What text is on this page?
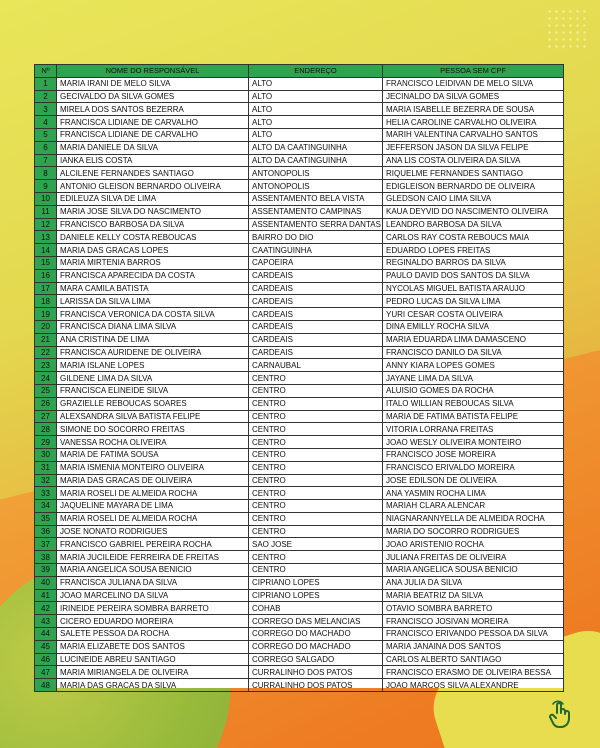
Nº	NOME DO RESPONSÁVEL	ENDEREÇO	PESSOA SEM CPF
1	MARIA IRANI DE MELO SILVA	ALTO	FRANCISCO LEIDIVAN DE MELO SILVA
2	GECIVALDO DA SILVA GOMES	ALTO	JECINALDO DA SILVA GOMES
3	MIRELA DOS SANTOS BEZERRA	ALTO	MARIA ISABELLE BEZERRA DE SOUSA
4	FRANCISCA LIDIANE DE CARVALHO	ALTO	HELIA CAROLINE CARVALHO OLIVEIRA
5	FRANCISCA LIDIANE DE CARVALHO	ALTO	MARIH VALENTINA CARVALHO SANTOS
6	MARIA DANIELE DA SILVA	ALTO DA CAATINGUINHA	JEFFERSON JASON DA SILVA FELIPE
7	IANKA ELIS COSTA	ALTO DA CAATINGUINHA	ANA LIS COSTA OLIVEIRA DA SILVA
8	ALCILENE FERNANDES SANTIAGO	ANTONOPOLIS	RIQUELME FERNANDES SANTIAGO
9	ANTONIO GLEISON BERNARDO OLIVEIRA	ANTONOPOLIS	EDIGLEISON BERNARDO DE OLIVEIRA
10	EDILEUZA SILVA DE LIMA	ASSENTAMENTO BELA VISTA	GLEDSON CAIO LIMA SILVA
11	MARIA JOSE SILVA DO NASCIMENTO	ASSENTAMENTO CAMPINAS	KAUA DEYVID DO NASCIMENTO OLIVEIRA
12	FRANCISCO BARBOSA DA SILVA	ASSENTAMENTO SERRA DANTAS	LEANDRO BARBOSA DA SILVA
13	DANIELE KELLY COSTA REBOUCAS	BAIRRO DO DIO	CARLOS RAY COSTA REBOUCS MAIA
14	MARIA DAS GRACAS LOPES	CAATINGUINHA	EDUARDO LOPES FREITAS
15	MARIA MIRTENIA BARROS	CAPOEIRA	REGINALDO BARROS DA SILVA
16	FRANCISCA APARECIDA DA COSTA	CARDEAIS	PAULO DAVID DOS SANTOS DA SILVA
17	MARA CAMILA BATISTA	CARDEAIS	NYCOLAS MIGUEL BATISTA ARAUJO
18	LARISSA DA SILVA LIMA	CARDEAIS	PEDRO LUCAS DA SILVA LIMA
19	FRANCISCA VERONICA DA COSTA SILVA	CARDEAIS	YURI CESAR COSTA OLIVEIRA
20	FRANCISCA DIANA LIMA SILVA	CARDEAIS	DINA EMILLY ROCHA SILVA
21	ANA CRISTINA DE LIMA	CARDEAIS	MARIA EDUARDA LIMA DAMASCENO
22	FRANCISCA AURIDENE DE OLIVEIRA	CARDEAIS	FRANCISCO DANILO DA SILVA
23	MARIA ISLANE LOPES	CARNAUBAL	ANNY KIARA LOPES GOMES
24	GILDENE LIMA DA SILVA	CENTRO	JAYANE LIMA DA SILVA
25	FRANCISCA ELINEIDE SILVA	CENTRO	ALUISIO GOMES DA ROCHA
26	GRAZIELLE REBOUCAS SOARES	CENTRO	ITALO WILLIAN REBOUCAS SILVA
27	ALEXSANDRA SILVA BATISTA FELIPE	CENTRO	MARIA DE FATIMA BATISTA FELIPE
28	SIMONE DO SOCORRO FREITAS	CENTRO	VITORIA LORRANA FREITAS
29	VANESSA ROCHA OLIVEIRA	CENTRO	JOAO WESLY OLIVEIRA MONTEIRO
30	MARIA DE FATIMA SOUSA	CENTRO	FRANCISCO JOSE MOREIRA
31	MARIA ISMENIA MONTEIRO OLIVEIRA	CENTRO	FRANCISCO ERIVALDO MOREIRA
32	MARIA DAS GRACAS DE OLIVEIRA	CENTRO	JOSE EDILSON DE OLIVEIRA
33	MARIA ROSELI DE ALMEIDA ROCHA	CENTRO	ANA YASMIN ROCHA LIMA
34	JAQUELINE MAYARA DE LIMA	CENTRO	MARIAH CLARA ALENCAR
35	MARIA ROSELI DE ALMEIDA ROCHA	CENTRO	NIAGNARANNYELLA DE ALMEIDA ROCHA
36	JOSE NONATO RODRIGUES	CENTRO	MARIA DO SOCORRO RODRIGUES
37	FRANCISCO GABRIEL PEREIRA ROCHA	SAO JOSE	JOAO ARISTENIO ROCHA
38	MARIA JUCILEIDE FERREIRA DE FREITAS	CENTRO	JULIANA FREITAS DE OLIVEIRA
39	MARIA ANGELICA SOUSA BENICIO	CENTRO	MARIA ANGELICA SOUSA BENICIO
40	FRANCISCA JULIANA DA SILVA	CIPRIANO LOPES	ANA JULIA DA SILVA
41	JOAO MARCELINO DA SILVA	CIPRIANO LOPES	MARIA BEATRIZ DA SILVA
42	IRINEIDE PEREIRA SOMBRA BARRETO	COHAB	OTAVIO SOMBRA BARRETO
43	CICERO EDUARDO MOREIRA	CORREGO DAS MELANCIAS	FRANCISCO JOSIVAN MOREIRA
44	SALETE PESSOA DA ROCHA	CORREGO DO MACHADO	FRANCISCO ERIVANDO PESSOA DA SILVA
45	MARIA ELIZABETE DOS SANTOS	CORREGO DO MACHADO	MARIA JANAINA DOS SANTOS
46	LUCINEIDE ABREU SANTIAGO	CORREGO SALGADO	CARLOS ALBERTO SANTIAGO
47	MARIA MIRIANGELA DE OLIVEIRA	CURRALINHO DOS PATOS	FRANCISCO ERASMO DE OLIVEIRA BESSA
48	MARIA DAS GRACAS DA SILVA	CURRALINHO DOS PATOS	JOAO MARCOS SILVA ALEXANDRE
